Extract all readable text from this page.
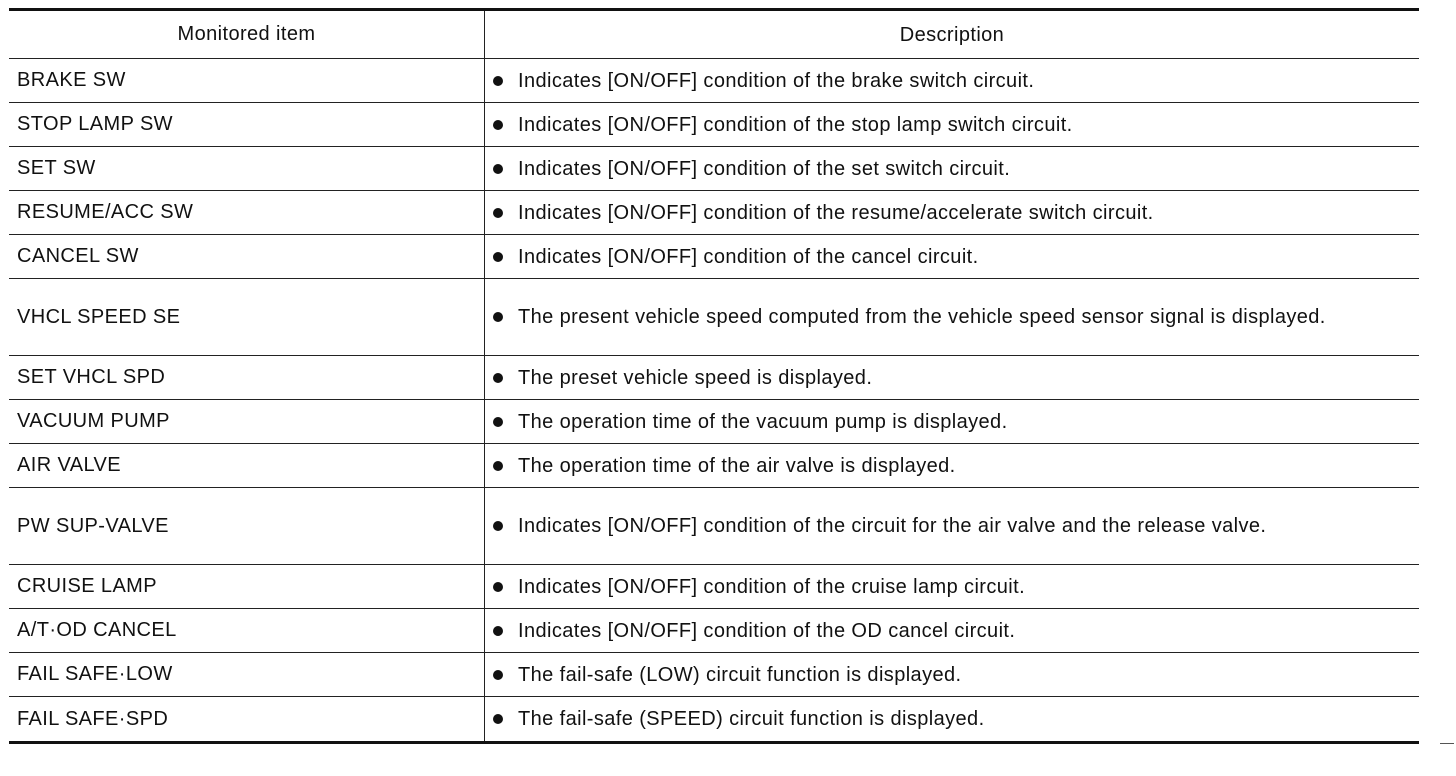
Monitored item	Description
BRAKE SW	Indicates [ON/OFF] condition of the brake switch circuit.
STOP LAMP SW	Indicates [ON/OFF] condition of the stop lamp switch circuit.
SET SW	Indicates [ON/OFF] condition of the set switch circuit.
RESUME/ACC SW	Indicates [ON/OFF] condition of the resume/accelerate switch circuit.
CANCEL SW	Indicates [ON/OFF] condition of the cancel circuit.
VHCL SPEED SE	The present vehicle speed computed from the vehicle speed sensor signal is displayed.
SET VHCL SPD	The preset vehicle speed is displayed.
VACUUM PUMP	The operation time of the vacuum pump is displayed.
AIR VALVE	The operation time of the air valve is displayed.
PW SUP-VALVE	Indicates [ON/OFF] condition of the circuit for the air valve and the release valve.
CRUISE LAMP	Indicates [ON/OFF] condition of the cruise lamp circuit.
A/T·OD CANCEL	Indicates [ON/OFF] condition of the OD cancel circuit.
FAIL SAFE·LOW	The fail-safe (LOW) circuit function is displayed.
FAIL SAFE·SPD	The fail-safe (SPEED) circuit function is displayed.
